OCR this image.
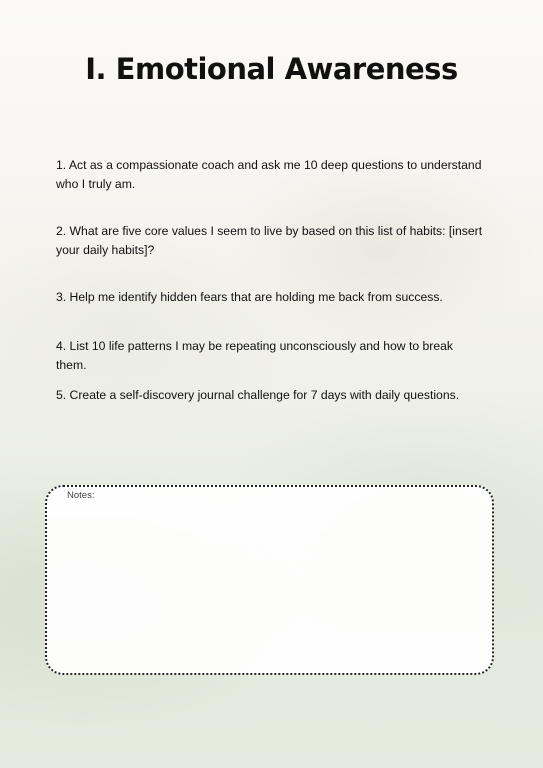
I. Emotional Awareness
1. Act as a compassionate coach and ask me 10 deep questions to understand who I truly am.
2. What are five core values I seem to live by based on this list of habits: [insert your daily habits]?
3. Help me identify hidden fears that are holding me back from success.
4. List 10 life patterns I may be repeating unconsciously and how to break them.
5. Create a self-discovery journal challenge for 7 days with daily questions.
Notes:
